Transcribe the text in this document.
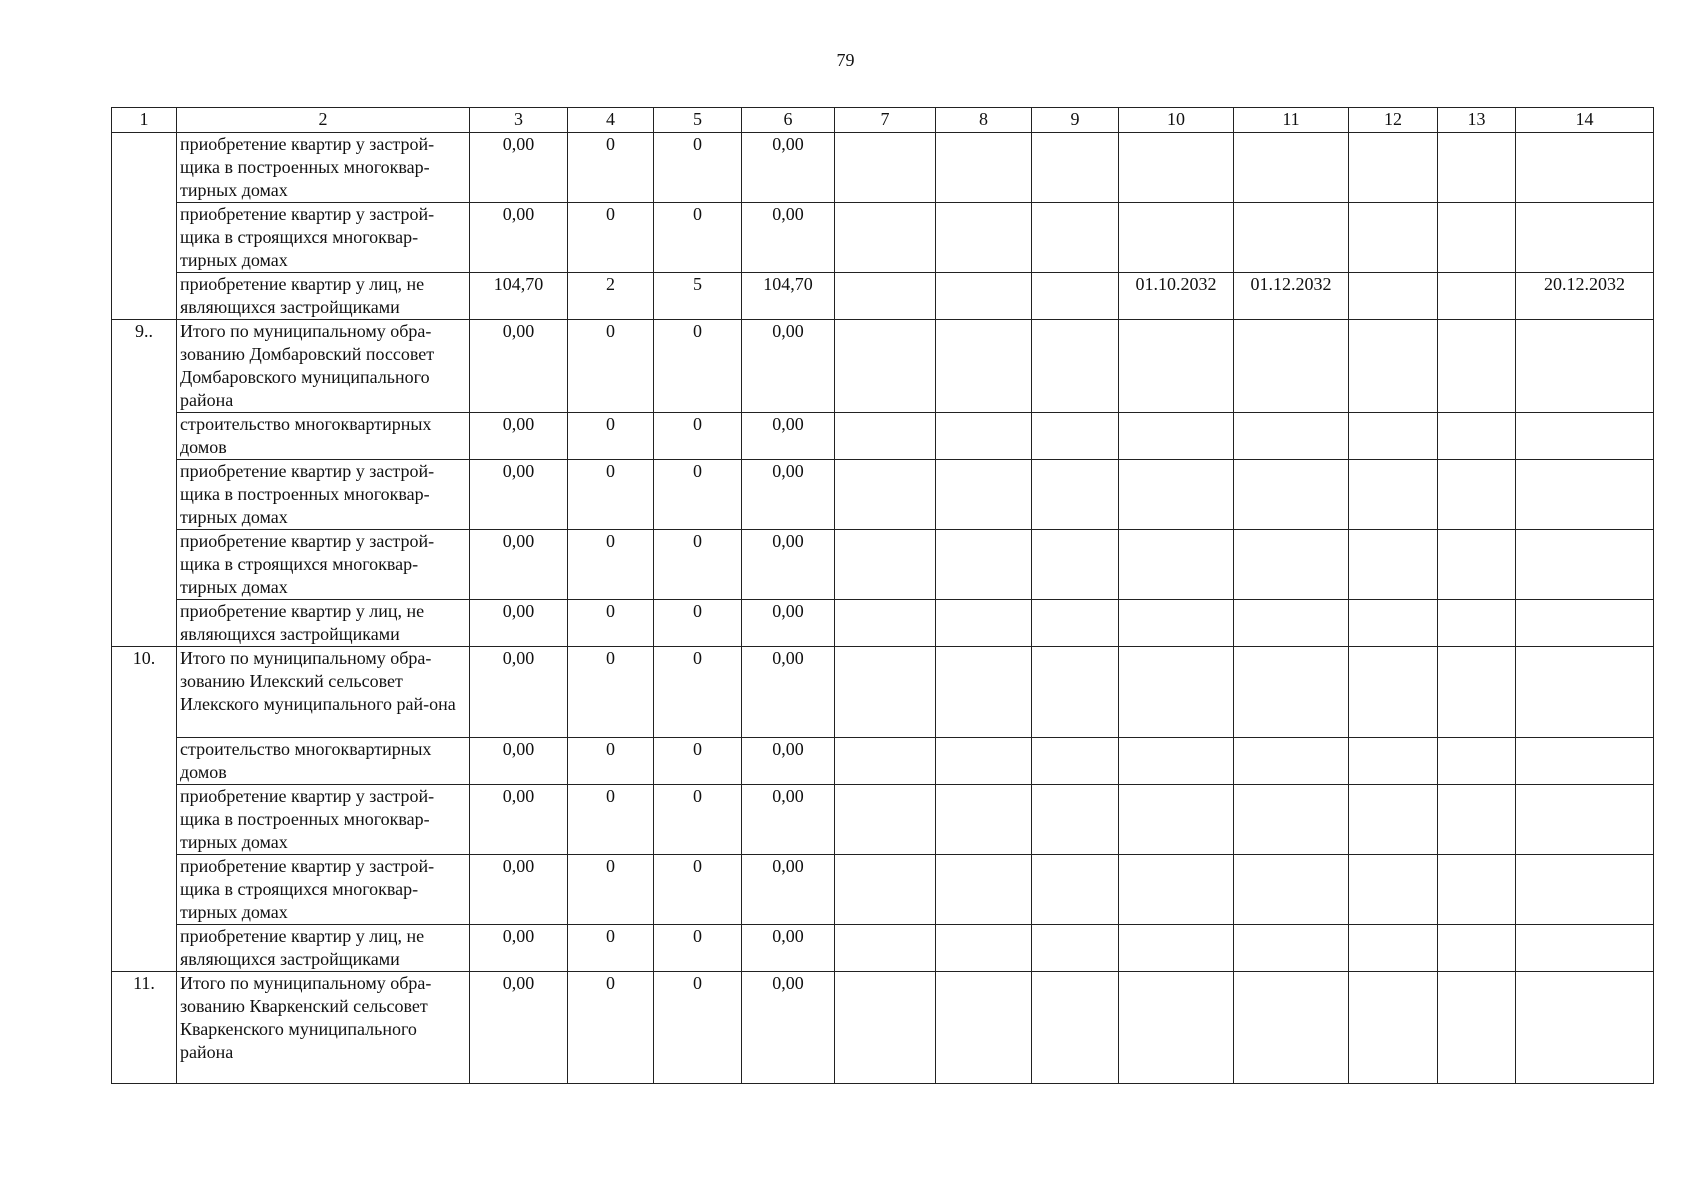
79
1	2	3	4	5	6	7	8	9	10	11	12	13	14
	приобретение квартир у застрой-щика в построенных многоквар-тирных домах	0,00	0	0	0,00								
	приобретение квартир у застрой-щика в строящихся многоквар-тирных домах	0,00	0	0	0,00								
	приобретение квартир у лиц, не являющихся застройщиками	104,70	2	5	104,70				01.10.2032	01.12.2032			20.12.2032
9..	Итого по муниципальному обра-зованию Домбаровский поссовет Домбаровского муниципального района	0,00	0	0	0,00								
	строительство многоквартирных домов	0,00	0	0	0,00								
	приобретение квартир у застрой-щика в построенных многоквар-тирных домах	0,00	0	0	0,00								
	приобретение квартир у застрой-щика в строящихся многоквар-тирных домах	0,00	0	0	0,00								
	приобретение квартир у лиц, не являющихся застройщиками	0,00	0	0	0,00								
10.	Итого по муниципальному обра-зованию Илекский сельсовет Илекского муниципального рай-она	0,00	0	0	0,00								
	строительство многоквартирных домов	0,00	0	0	0,00								
	приобретение квартир у застрой-щика в построенных многоквар-тирных домах	0,00	0	0	0,00								
	приобретение квартир у застрой-щика в строящихся многоквар-тирных домах	0,00	0	0	0,00								
	приобретение квартир у лиц, не являющихся застройщиками	0,00	0	0	0,00								
11.	Итого по муниципальному обра-зованию Кваркенский сельсовет Кваркенского муниципального района	0,00	0	0	0,00								
